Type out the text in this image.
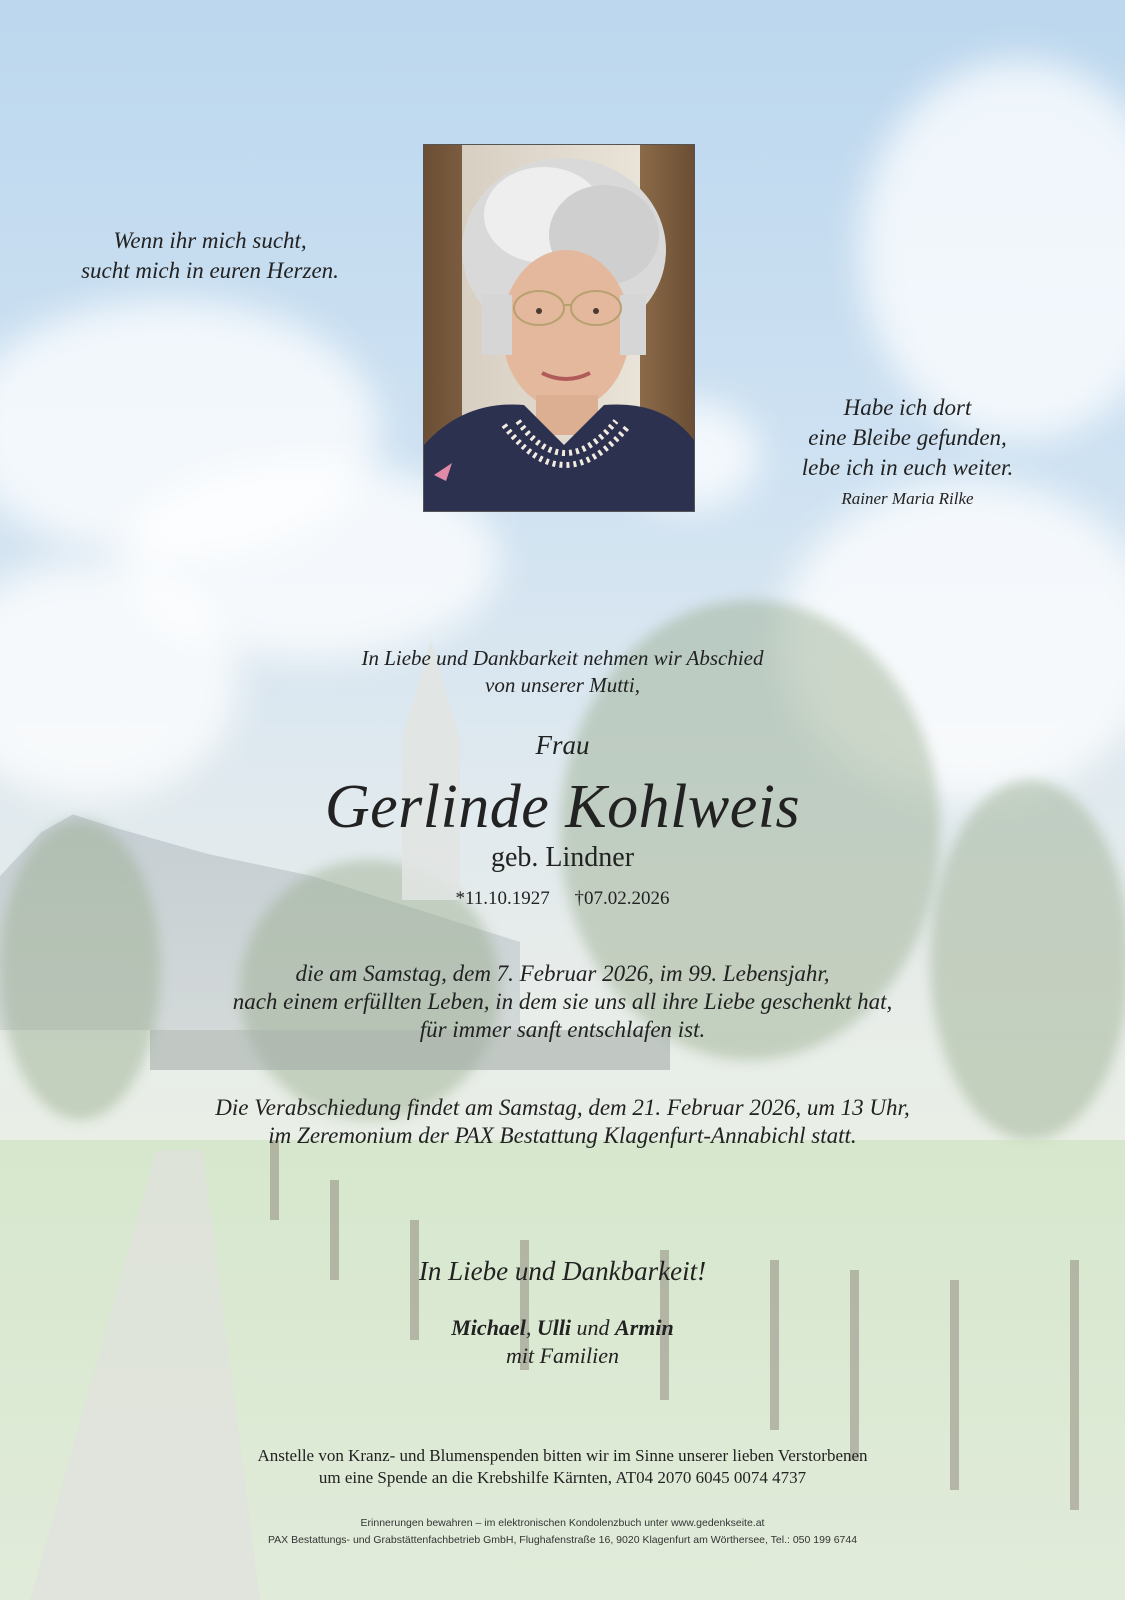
Wenn ihr mich sucht,
sucht mich in euren Herzen.
Habe ich dort
eine Bleibe gefunden,
lebe ich in euch weiter.
Rainer Maria Rilke
In Liebe und Dankbarkeit nehmen wir Abschied
von unserer Mutti,
Frau
Gerlinde Kohlweis
geb. Lindner
*11.10.1927 †07.02.2026
die am Samstag, dem 7. Februar 2026, im 99. Lebensjahr,
nach einem erfüllten Leben, in dem sie uns all ihre Liebe geschenkt hat,
für immer sanft entschlafen ist.
Die Verabschiedung findet am Samstag, dem 21. Februar 2026, um 13 Uhr,
im Zeremonium der PAX Bestattung Klagenfurt-Annabichl statt.
In Liebe und Dankbarkeit!
Michael, Ulli und Armin
mit Familien
Anstelle von Kranz- und Blumenspenden bitten wir im Sinne unserer lieben Verstorbenen
um eine Spende an die Krebshilfe Kärnten, AT04 2070 6045 0074 4737
Erinnerungen bewahren – im elektronischen Kondolenzbuch unter www.gedenkseite.at
PAX Bestattungs- und Grabstättenfachbetrieb GmbH, Flughafenstraße 16, 9020 Klagenfurt am Wörthersee, Tel.: 050 199 6744
